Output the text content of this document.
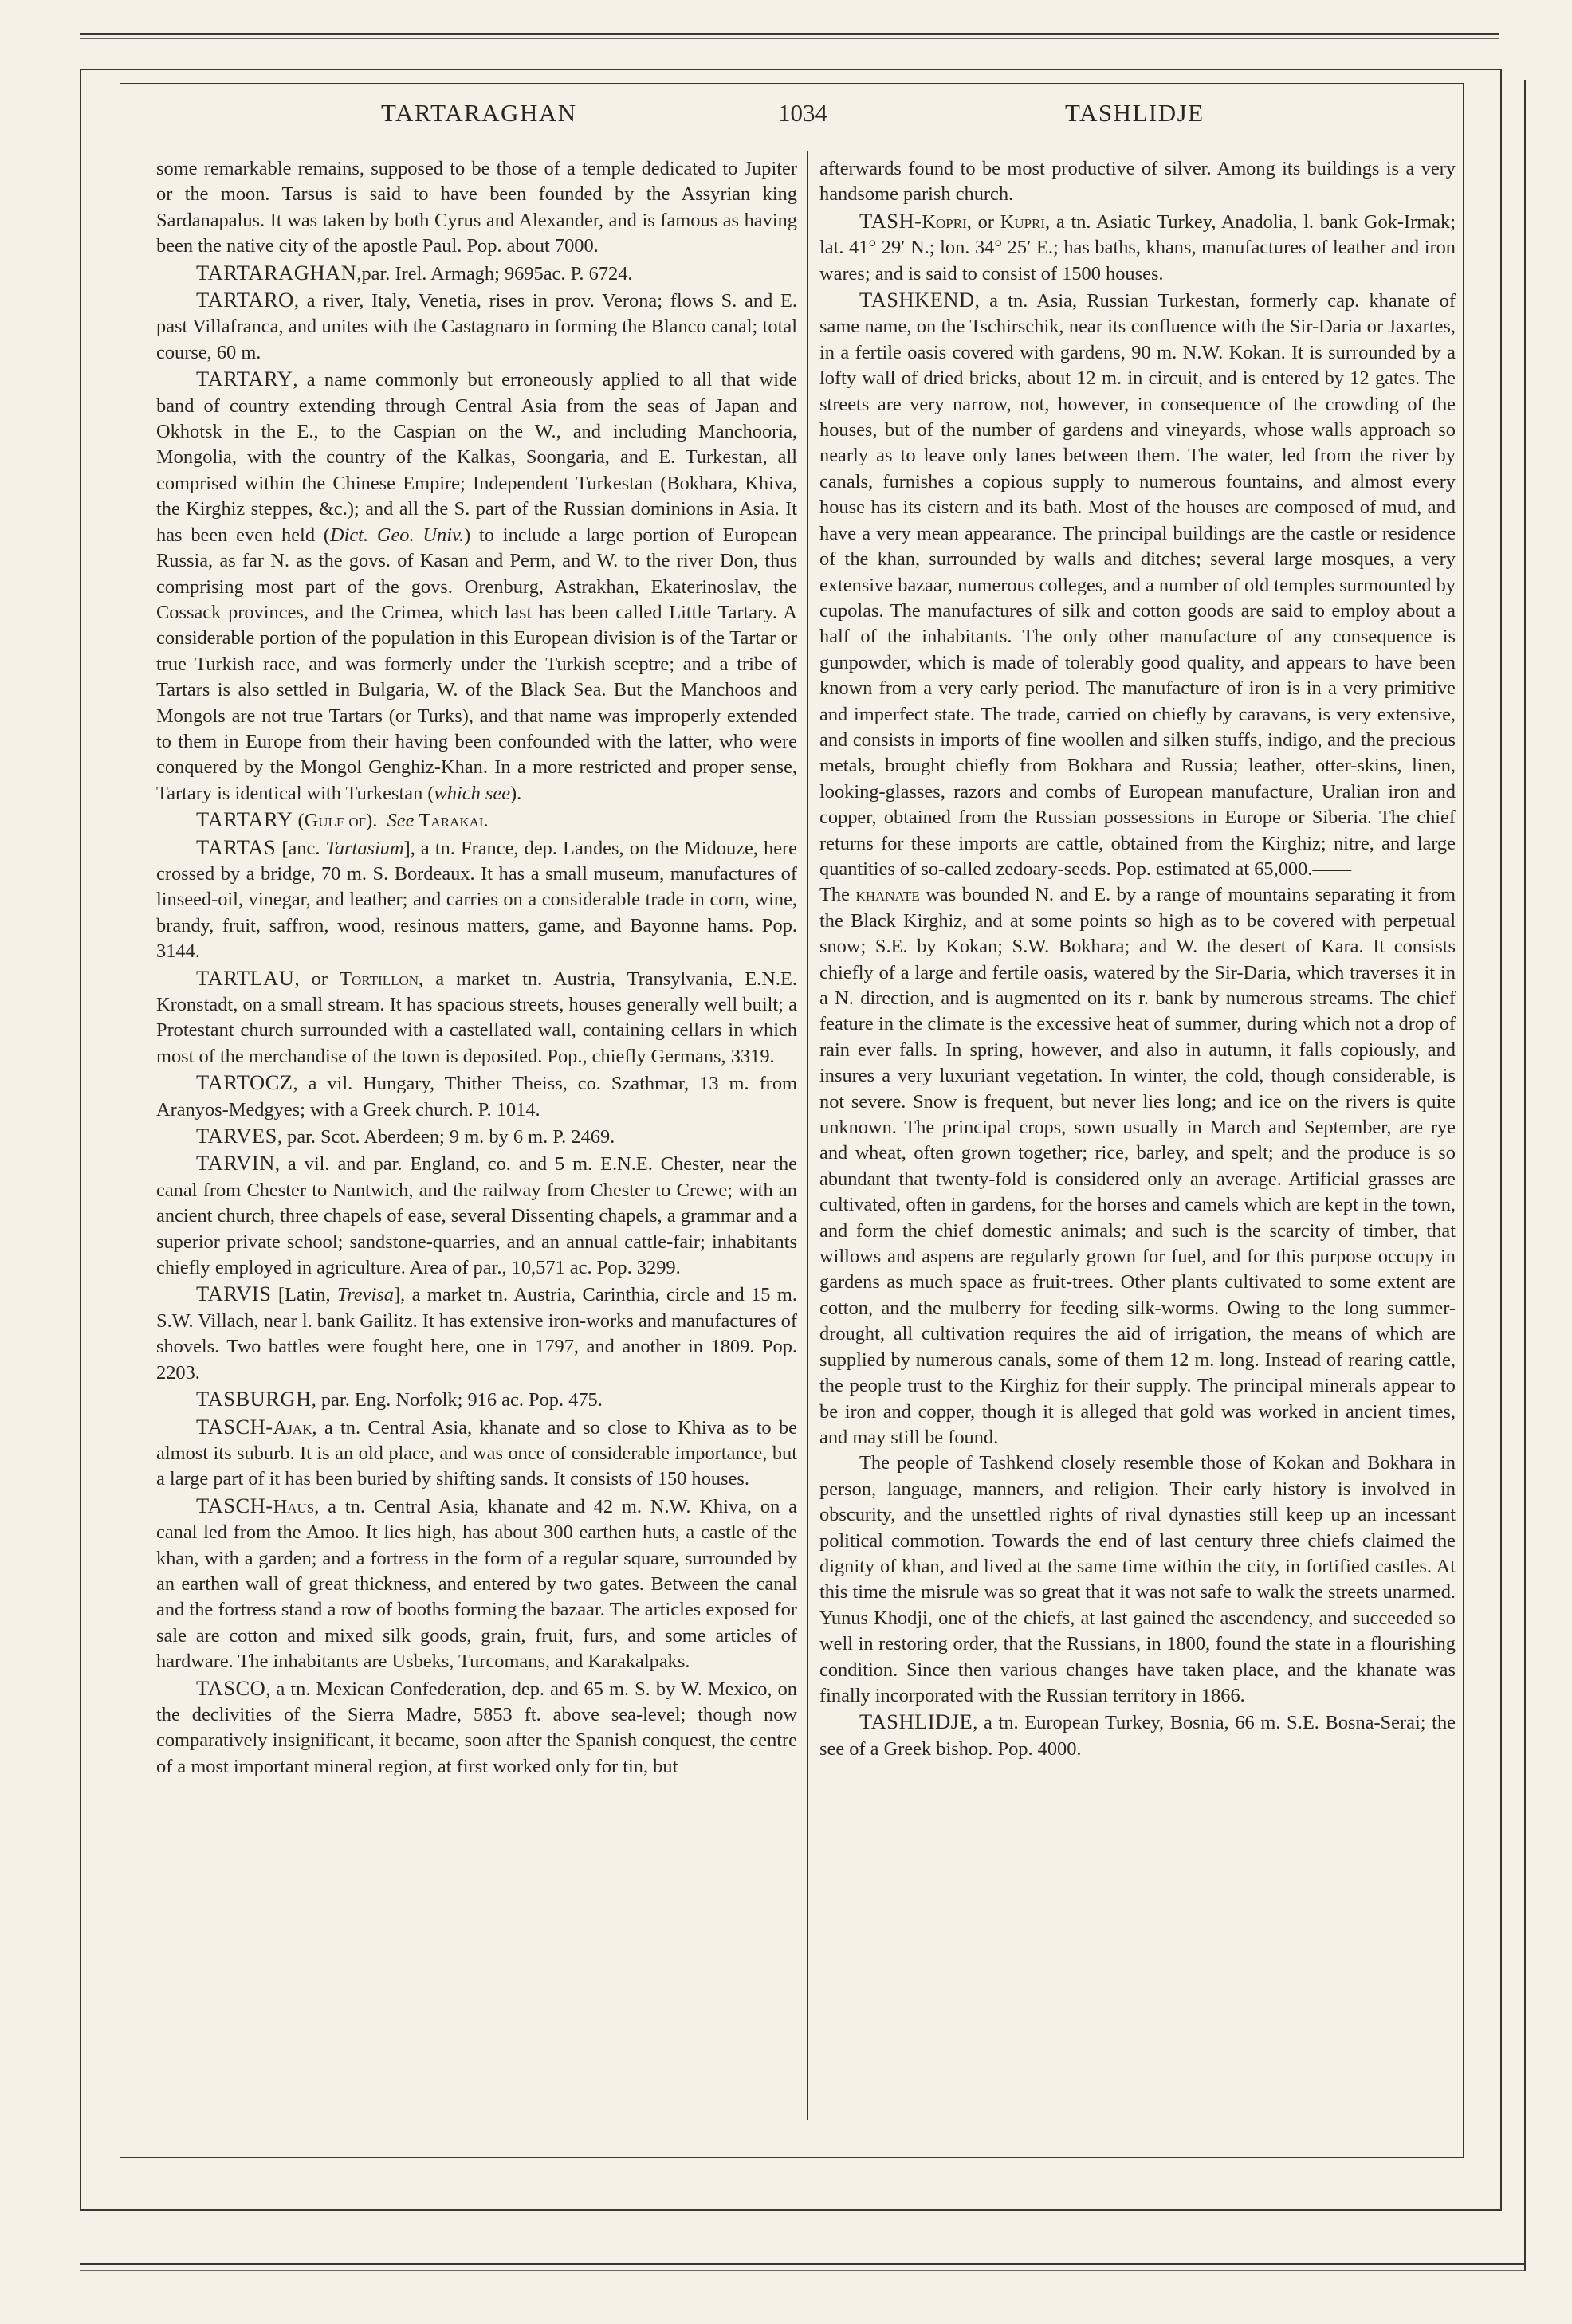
TARTARAGHAN	1034	TASHLIDJE

some remarkable remains, supposed to be those of a temple dedicated to Jupiter or the moon. Tarsus is said to have been founded by the Assyrian king Sardanapalus. It was taken by both Cyrus and Alexander, and is famous as having been the native city of the apostle Paul. Pop. about 7000.

TARTARAGHAN,par. Irel. Armagh; 9695ac. P. 6724.

TARTARO, a river, Italy, Venetia, rises in prov. Verona; flows S. and E. past Villafranca, and unites with the Castagnaro in forming the Blanco canal; total course, 60 m.

TARTARY, a name commonly but erroneously applied to all that wide band of country extending through Central Asia from the seas of Japan and Okhotsk in the E., to the Caspian on the W., and including Manchooria, Mongolia, with the country of the Kalkas, Soongaria, and E. Turkestan, all comprised within the Chinese Empire; Independent Turkestan (Bokhara, Khiva, the Kirghiz steppes, &c.); and all the S. part of the Russian dominions in Asia. It has been even held (Dict. Geo. Univ.) to include a large portion of European Russia, as far N. as the govs. of Kasan and Perm, and W. to the river Don, thus comprising most part of the govs. Orenburg, Astrakhan, Ekaterinoslav, the Cossack provinces, and the Crimea, which last has been called Little Tartary. A considerable portion of the population in this European division is of the Tartar or true Turkish race, and was formerly under the Turkish sceptre; and a tribe of Tartars is also settled in Bulgaria, W. of the Black Sea. But the Manchoos and Mongols are not true Tartars (or Turks), and that name was improperly extended to them in Europe from their having been confounded with the latter, who were conquered by the Mongol Genghiz-Khan. In a more restricted and proper sense, Tartary is identical with Turkestan (which see).

TARTARY (Gulf of). See Tarakai.

TARTAS [anc. Tartasium], a tn. France, dep. Landes, on the Midouze, here crossed by a bridge, 70 m. S. Bordeaux. It has a small museum, manufactures of linseed-oil, vinegar, and leather; and carries on a considerable trade in corn, wine, brandy, fruit, saffron, wood, resinous matters, game, and Bayonne hams. Pop. 3144.

TARTLAU, or Tortillon, a market tn. Austria, Transylvania, E.N.E. Kronstadt, on a small stream. It has spacious streets, houses generally well built; a Protestant church surrounded with a castellated wall, containing cellars in which most of the merchandise of the town is deposited. Pop., chiefly Germans, 3319.

TARTOCZ, a vil. Hungary, Thither Theiss, co. Szathmar, 13 m. from Aranyos-Medgyes; with a Greek church. P. 1014.

TARVES, par. Scot. Aberdeen; 9 m. by 6 m. P. 2469.

TARVIN, a vil. and par. England, co. and 5 m. E.N.E. Chester, near the canal from Chester to Nantwich, and the railway from Chester to Crewe; with an ancient church, three chapels of ease, several Dissenting chapels, a grammar and a superior private school; sandstone-quarries, and an annual cattle-fair; inhabitants chiefly employed in agriculture. Area of par., 10,571 ac. Pop. 3299.

TARVIS [Latin, Trevisa], a market tn. Austria, Carinthia, circle and 15 m. S.W. Villach, near l. bank Gailitz. It has extensive iron-works and manufactures of shovels. Two battles were fought here, one in 1797, and another in 1809. Pop. 2203.

TASBURGH, par. Eng. Norfolk; 916 ac. Pop. 475.

TASCH-Ajak, a tn. Central Asia, khanate and so close to Khiva as to be almost its suburb. It is an old place, and was once of considerable importance, but a large part of it has been buried by shifting sands. It consists of 150 houses.

TASCH-Haus, a tn. Central Asia, khanate and 42 m. N.W. Khiva, on a canal led from the Amoo. It lies high, has about 300 earthen huts, a castle of the khan, with a garden; and a fortress in the form of a regular square, surrounded by an earthen wall of great thickness, and entered by two gates. Between the canal and the fortress stand a row of booths forming the bazaar. The articles exposed for sale are cotton and mixed silk goods, grain, fruit, furs, and some articles of hardware. The inhabitants are Usbeks, Turcomans, and Karakalpaks.

TASCO, a tn. Mexican Confederation, dep. and 65 m. S. by W. Mexico, on the declivities of the Sierra Madre, 5853 ft. above sea-level; though now comparatively insignificant, it became, soon after the Spanish conquest, the centre of a most important mineral region, at first worked only for tin, but

afterwards found to be most productive of silver. Among its buildings is a very handsome parish church.

TASH-Kopri, or Kupri, a tn. Asiatic Turkey, Anadolia, l. bank Gok-Irmak; lat. 41° 29′ N.; lon. 34° 25′ E.; has baths, khans, manufactures of leather and iron wares; and is said to consist of 1500 houses.

TASHKEND, a tn. Asia, Russian Turkestan, formerly cap. khanate of same name, on the Tschirschik, near its confluence with the Sir-Daria or Jaxartes, in a fertile oasis covered with gardens, 90 m. N.W. Kokan. It is surrounded by a lofty wall of dried bricks, about 12 m. in circuit, and is entered by 12 gates. The streets are very narrow, not, however, in consequence of the crowding of the houses, but of the number of gardens and vineyards, whose walls approach so nearly as to leave only lanes between them. The water, led from the river by canals, furnishes a copious supply to numerous fountains, and almost every house has its cistern and its bath. Most of the houses are composed of mud, and have a very mean appearance. The principal buildings are the castle or residence of the khan, surrounded by walls and ditches; several large mosques, a very extensive bazaar, numerous colleges, and a number of old temples surmounted by cupolas. The manufactures of silk and cotton goods are said to employ about a half of the inhabitants. The only other manufacture of any consequence is gunpowder, which is made of tolerably good quality, and appears to have been known from a very early period. The manufacture of iron is in a very primitive and imperfect state. The trade, carried on chiefly by caravans, is very extensive, and consists in imports of fine woollen and silken stuffs, indigo, and the precious metals, brought chiefly from Bokhara and Russia; leather, otter-skins, linen, looking-glasses, razors and combs of European manufacture, Uralian iron and copper, obtained from the Russian possessions in Europe or Siberia. The chief returns for these imports are cattle, obtained from the Kirghiz; nitre, and large quantities of so-called zedoary-seeds. Pop. estimated at 65,000.——

The khanate was bounded N. and E. by a range of mountains separating it from the Black Kirghiz, and at some points so high as to be covered with perpetual snow; S.E. by Kokan; S.W. Bokhara; and W. the desert of Kara. It consists chiefly of a large and fertile oasis, watered by the Sir-Daria, which traverses it in a N. direction, and is augmented on its r. bank by numerous streams. The chief feature in the climate is the excessive heat of summer, during which not a drop of rain ever falls. In spring, however, and also in autumn, it falls copiously, and insures a very luxuriant vegetation. In winter, the cold, though considerable, is not severe. Snow is frequent, but never lies long; and ice on the rivers is quite unknown. The principal crops, sown usually in March and September, are rye and wheat, often grown together; rice, barley, and spelt; and the produce is so abundant that twenty-fold is considered only an average. Artificial grasses are cultivated, often in gardens, for the horses and camels which are kept in the town, and form the chief domestic animals; and such is the scarcity of timber, that willows and aspens are regularly grown for fuel, and for this purpose occupy in gardens as much space as fruit-trees. Other plants cultivated to some extent are cotton, and the mulberry for feeding silk-worms. Owing to the long summer-drought, all cultivation requires the aid of irrigation, the means of which are supplied by numerous canals, some of them 12 m. long. Instead of rearing cattle, the people trust to the Kirghiz for their supply. The principal minerals appear to be iron and copper, though it is alleged that gold was worked in ancient times, and may still be found.

The people of Tashkend closely resemble those of Kokan and Bokhara in person, language, manners, and religion. Their early history is involved in obscurity, and the unsettled rights of rival dynasties still keep up an incessant political commotion. Towards the end of last century three chiefs claimed the dignity of khan, and lived at the same time within the city, in fortified castles. At this time the misrule was so great that it was not safe to walk the streets unarmed. Yunus Khodji, one of the chiefs, at last gained the ascendency, and succeeded so well in restoring order, that the Russians, in 1800, found the state in a flourishing condition. Since then various changes have taken place, and the khanate was finally incorporated with the Russian territory in 1866.

TASHLIDJE, a tn. European Turkey, Bosnia, 66 m. S.E. Bosna-Serai; the see of a Greek bishop. Pop. 4000.
